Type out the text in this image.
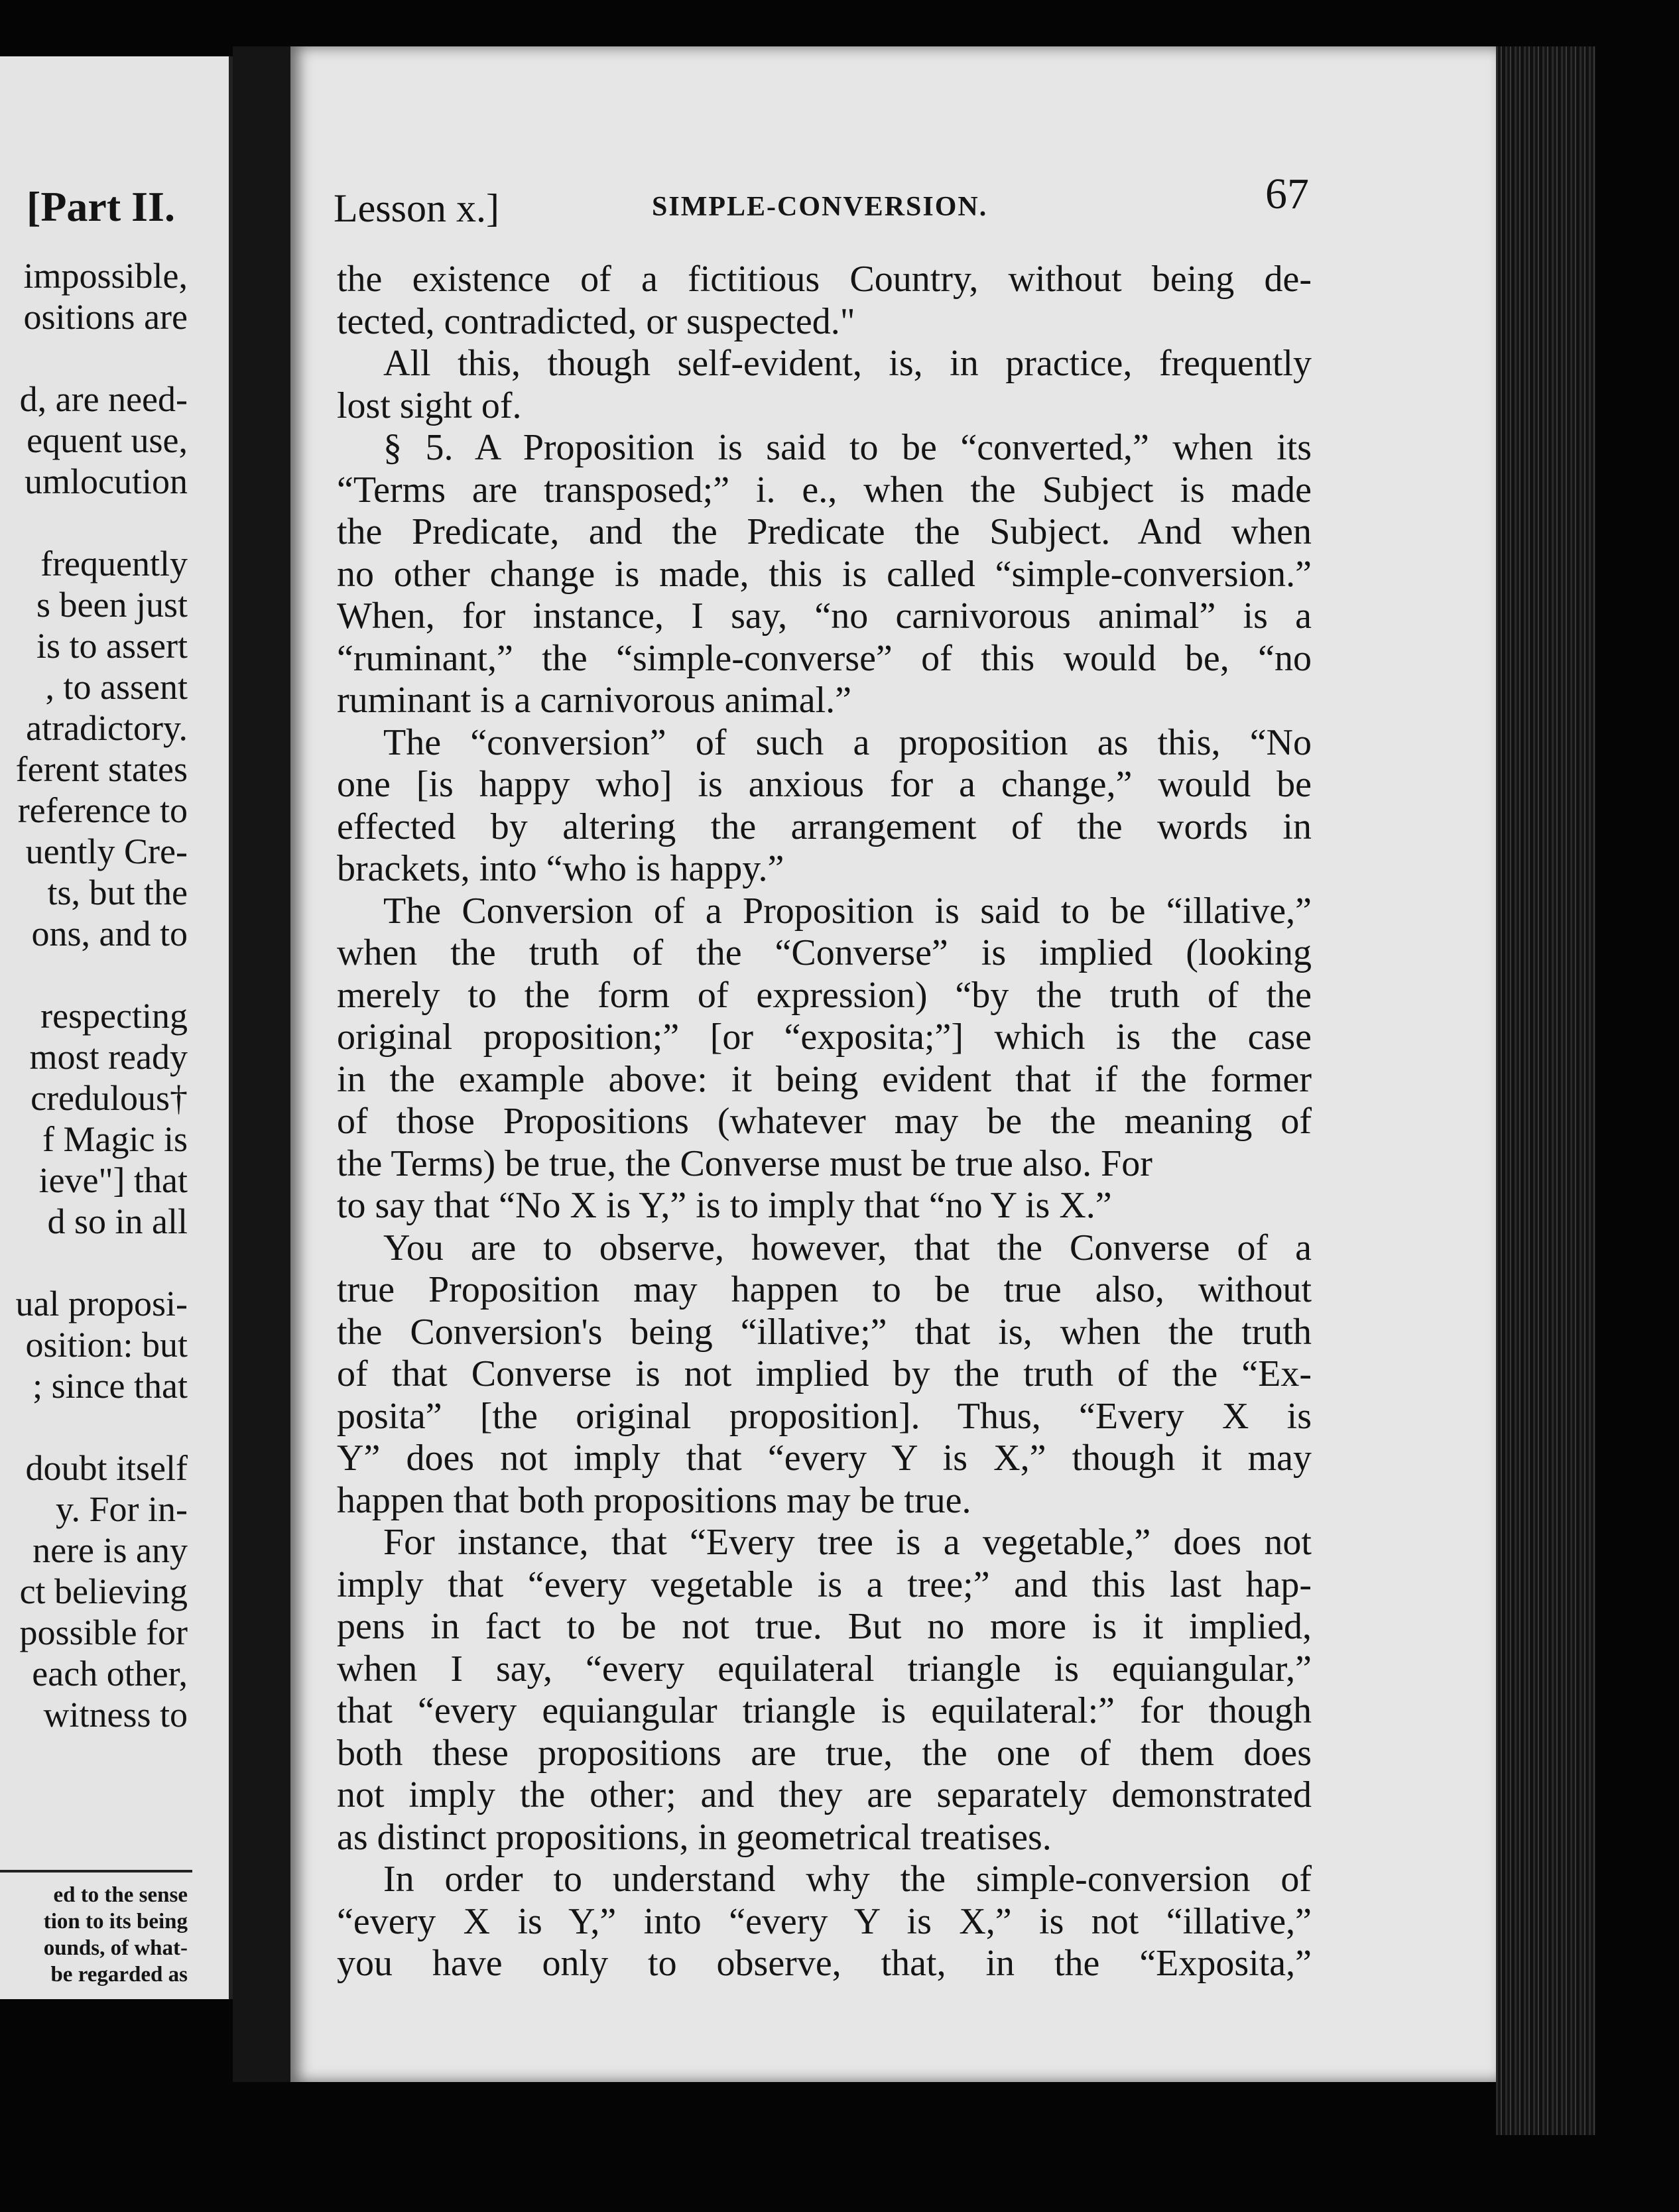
[Part II.
impossible,
ositions are
d, are need-
equent use,
umlocution
frequently
s been just
is to assert
, to assent
atradictory.
ferent states
reference to
uently Cre-
ts, but the
ons, and to
respecting
most ready
credulous†
f Magic is
ieve"] that
d so in all
ual proposi-
osition: but
; since that
doubt itself
y. For in-
nere is any
ct believing
possible for
each other,
witness to
ed to the sense
tion to its being
ounds, of what-
be regarded as
Lesson x.]	SIMPLE-CONVERSION.	67
the existence of a fictitious Country, without being de-
tected, contradicted, or suspected."
All this, though self-evident, is, in practice, frequently
lost sight of.
§ 5. A Proposition is said to be “converted,” when its
“Terms are transposed;” i. e., when the Subject is made
the Predicate, and the Predicate the Subject. And when
no other change is made, this is called “simple-conversion.”
When, for instance, I say, “no carnivorous animal” is a
“ruminant,” the “simple-converse” of this would be, “no
ruminant is a carnivorous animal.”
The “conversion” of such a proposition as this, “No
one [is happy who] is anxious for a change,” would be
effected by altering the arrangement of the words in
brackets, into “who is happy.”
The Conversion of a Proposition is said to be “illative,”
when the truth of the “Converse” is implied (looking
merely to the form of expression) “by the truth of the
original proposition;” [or “exposita;”] which is the case
in the example above: it being evident that if the former
of those Propositions (whatever may be the meaning of
the Terms) be true, the Converse must be true also. For
to say that “No X is Y,” is to imply that “no Y is X.”
You are to observe, however, that the Converse of a
true Proposition may happen to be true also, without
the Conversion's being “illative;” that is, when the truth
of that Converse is not implied by the truth of the “Ex-
posita” [the original proposition]. Thus, “Every X is
Y” does not imply that “every Y is X,” though it may
happen that both propositions may be true.
For instance, that “Every tree is a vegetable,” does not
imply that “every vegetable is a tree;” and this last hap-
pens in fact to be not true. But no more is it implied,
when I say, “every equilateral triangle is equiangular,”
that “every equiangular triangle is equilateral:” for though
both these propositions are true, the one of them does
not imply the other; and they are separately demonstrated
as distinct propositions, in geometrical treatises.
In order to understand why the simple-conversion of
“every X is Y,” into “every Y is X,” is not “illative,”
you have only to observe, that, in the “Exposita,”
